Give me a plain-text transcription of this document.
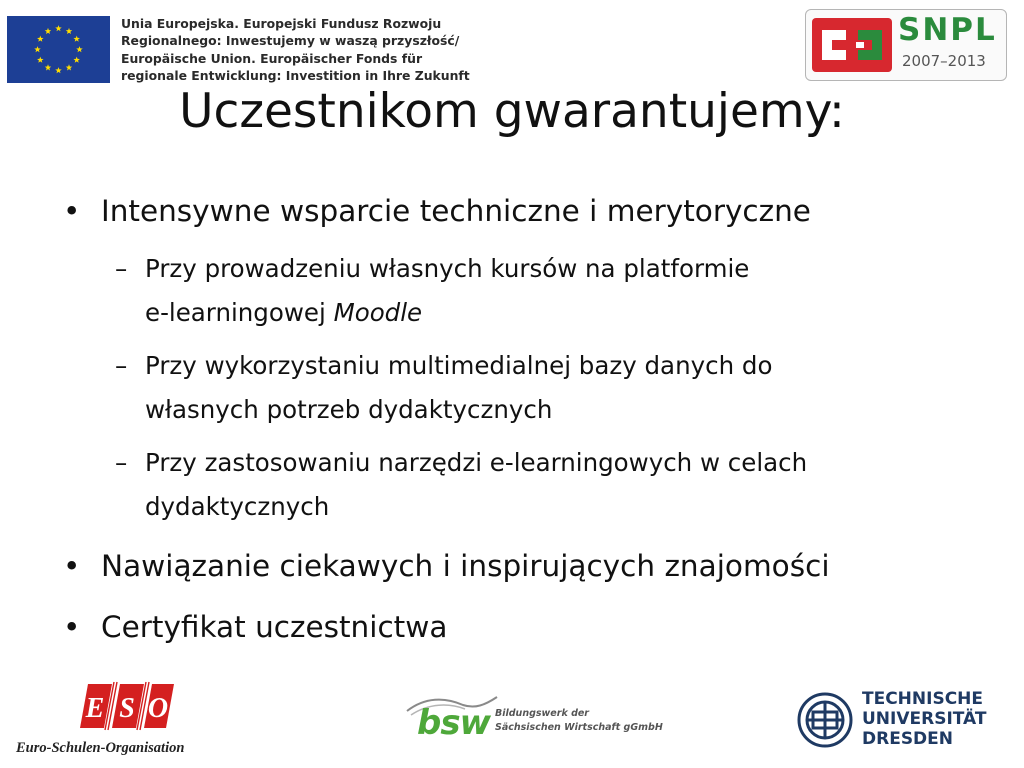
Unia Europejska. Europejski Fundusz Rozwoju
Regionalnego: Inwestujemy w waszą przyszłość/
Europäische Union. Europäischer Fonds für
regionale Entwicklung: Investition in Ihre Zukunft
SNPL
2007–2013
Uczestnikom gwarantujemy:
• Intensywne wsparcie techniczne i merytoryczne
– Przy prowadzeniu własnych kursów na platformie
e-learningowej Moodle
– Przy wykorzystaniu multimedialnej bazy danych do
własnych potrzeb dydaktycznych
– Przy zastosowaniu narzędzi e-learningowych w celach
dydaktycznych
• Nawiązanie ciekawych i inspirujących znajomości
• Certyfikat uczestnictwa
E S O
Euro-Schulen-Organisation
bsw Bildungswerk der
Sächsischen Wirtschaft gGmbH
TECHNISCHE
UNIVERSITÄT
DRESDEN
